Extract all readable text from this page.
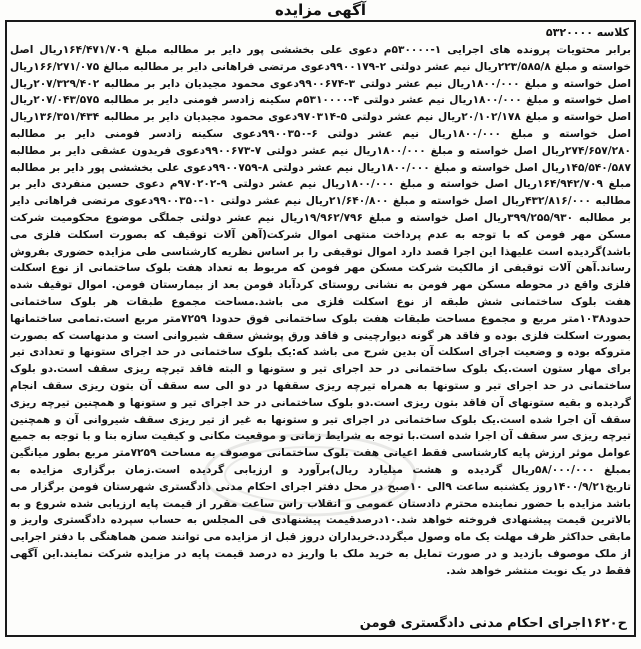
آگهی مزایده
کلاسه ۵۳۲۰۰۰۰
برابر محتویات پرونده های اجرایی ۱-۵۳۰۰۰۰م دعوی علی بخششی پور دایر بر مطالبه مبلغ ۱۶۴/۴۷۱/۷۰۹ریال اصل خواسته و مبلغ ۲۲۳/۵۸۵/۸ریال نیم عشر دولتی ۲-۹۹۰۰۱۷۹دعوی مرتضی فراهانی دایر بر مطالبه مبالغ ۱۶۶/۲۷۱/۰۷۵ریال اصل خواسته و مبلغ ۱۸۰۰/۰۰۰ریال نیم عشر دولتی ۳-۹۹۰۰۶۷۴دعوی محمود مجیدیان دایر بر مطالبه ۲۰۷/۳۲۹/۴۰۲ریال اصل خواسته و مبلغ ۱۸۰۰/۰۰۰ریال نیم عشر دولتی ۴-۵۳۱۰۰۰۰م سکینه زادسر فومنی دایر بر مطالبه ۲۰۷/۰۴۳/۵۷۵ریال اصل خواسته و مبلغ ۲۰/۱۰۲/۱۷۸ریال نیم عشر دولتی ۵-۹۷۰۳۱۴دعوی محمود مجیدیان دایر بر مطالبه ۱۳۶/۳۵۱/۴۳۴ریال اصل خواسته و مبلغ ۱۸۰۰/۰۰۰ریال نیم عشر دولتی ۶-۹۹۰۰۳۵۰دعوی سکینه زادسر فومنی دایر بر مطالبه ۲۷۴/۶۵۷/۲۸۰ریال اصل خواسته و مبلغ ۱۸۰۰/۰۰۰ریال نیم عشر دولتی ۷-۹۹۰۰۶۷۳دعوی فریدون عشقی دایر بر مطالبه ۱۴۵/۵۴۰/۵۸۷ریال اصل خواسته و مبلغ ۱۸۰۰/۰۰۰ریال نیم عشر دولتی ۸-۹۹۰۰۷۵۹دعوی علی بخششی پور دایر بر مطالبه مبلغ ۱۶۴/۹۴۲/۷۰۹ریال اصل خواسته و مبلغ ۱۸۰۰/۰۰۰ریال نیم عشر دولتی ۹-۹۷۰۲۰۲م دعوی حسین منفردی دایر بر مطالبه ۴۳۲/۸۱۶/۰۰۰ریال اصل خواسته و مبلغ ۲۱/۶۴۰/۸۰۰ریال نیم عشر دولتی ۱۰-۹۹۰۰۳۵۰دعوی مرتضی فراهانی دایر بر مطالبه ۳۹۹/۲۵۵/۹۳۰ریال اصل خواسته و مبلغ ۱۹/۹۶۲/۷۹۶ریال نیم عشر دولتی جملگی موضوع محکومیت شرکت مسکن مهر فومن که با توجه به عدم پرداخت منتهی اموال شرکت(آهن آلات توقیف که بصورت اسکلت فلزی می باشد)گردیده است علیهذا این اجرا قصد دارد اموال توقیفی را بر اساس نظریه کارشناسی طی مزایده حضوری بفروش رساند.آهن آلات توقیفی از مالکیت شرکت مسکن مهر فومن که مربوط به تعداد هفت بلوک ساختمانی از نوع اسکلت فلزی واقع در محوطه مسکن مهر فومن به نشانی روستای کردآباد فومن بعد از بیمارستان فومن. اموال توقیف شده هفت بلوک ساختمانی شش طبقه از نوع اسکلت فلزی می باشد.مساحت مجموع طبقات هر بلوک ساختمانی حدود۱۰۳۸متر مربع و مجموع مساحت طبقات هفت بلوک ساختمانی فوق حدودا ۷۲۵۹متر مربع است.تمامی ساختمانها بصورت اسکلت فلزی بوده و فاقد هر گونه دیوارچینی و فاقد ورق پوشش سقف شیروانی است و مدنهاست که بصورت متروکه بوده و وضعیت اجرای اسکلت آن بدین شرح می باشد که:یک بلوک ساختمانی در حد اجرای ستونها و تعدادی تیر برای مهار ستون است.یک بلوک ساختمانی در حد اجرای تیر و ستونها و البته فاقد تیرچه ریزی سقف است.دو بلوک ساختمانی در حد اجرای تیر و ستونها به همراه تیرچه ریزی سقفها در دو الی سه سقف آن بتون ریزی سقف انجام گردیده و بقیه ستونهای آن فاقد بتون ریزی است.دو بلوک ساختمانی در حد اجرای تیر و ستونها و همچنین تیرچه ریزی سقف آن اجرا شده است.یک بلوک ساختمانی در اجرای تیر و ستونها به غیر از تیر ریزی سقف شیروانی آن و همچنین تیرچه ریزی سر سقف آن اجرا شده است.با توجه به شرایط زمانی و موقعیت مکانی و کیفیت سازه بنا و با توجه به جمیع عوامل موثر ارزش پایه کارشناسی فقط اعیانی هفت بلوک ساختمانی موصوف به مساحت ۷۲۵۹متر مربع بطور میانگین بمبلغ ۵۸/۰۰۰/۰۰۰ریال گردیده و هشت میلیارد ریال)برآورد و ارزیابی گردیده است.زمان برگزاری مزایده به تاریخ۱۴۰۰/۹/۲۱روز یکشنبه ساعت ۹الی ۱۰صبح در محل دفتر اجرای احکام مدنی دادگستری شهرستان فومن برگزار می باشد مزایده با حضور نماینده محترم دادستان عمومی و انقلاب راس ساعت مقرر از قیمت پایه ارزیابی شده شروع و به بالاترین قیمت پیشنهادی فروخته خواهد شد.۱۰درصدقیمت پیشنهادی فی المجلس به حساب سپرده دادگستری واریز و مابقی حداکثر ظرف مهلت یک ماه وصول میگردد.خریداران دروز قبل از مزایده می توانند ضمن هماهنگی با دفتر اجرایی از ملک موصوف بازدید و در صورت تمایل به خرید ملک با واریز ده درصد قیمت پایه در مزایده شرکت نمایند.این آگهی فقط در یک نوبت منتشر خواهد شد.
ح۱۶۲۰اجرای احکام مدنی دادگستری فومن
